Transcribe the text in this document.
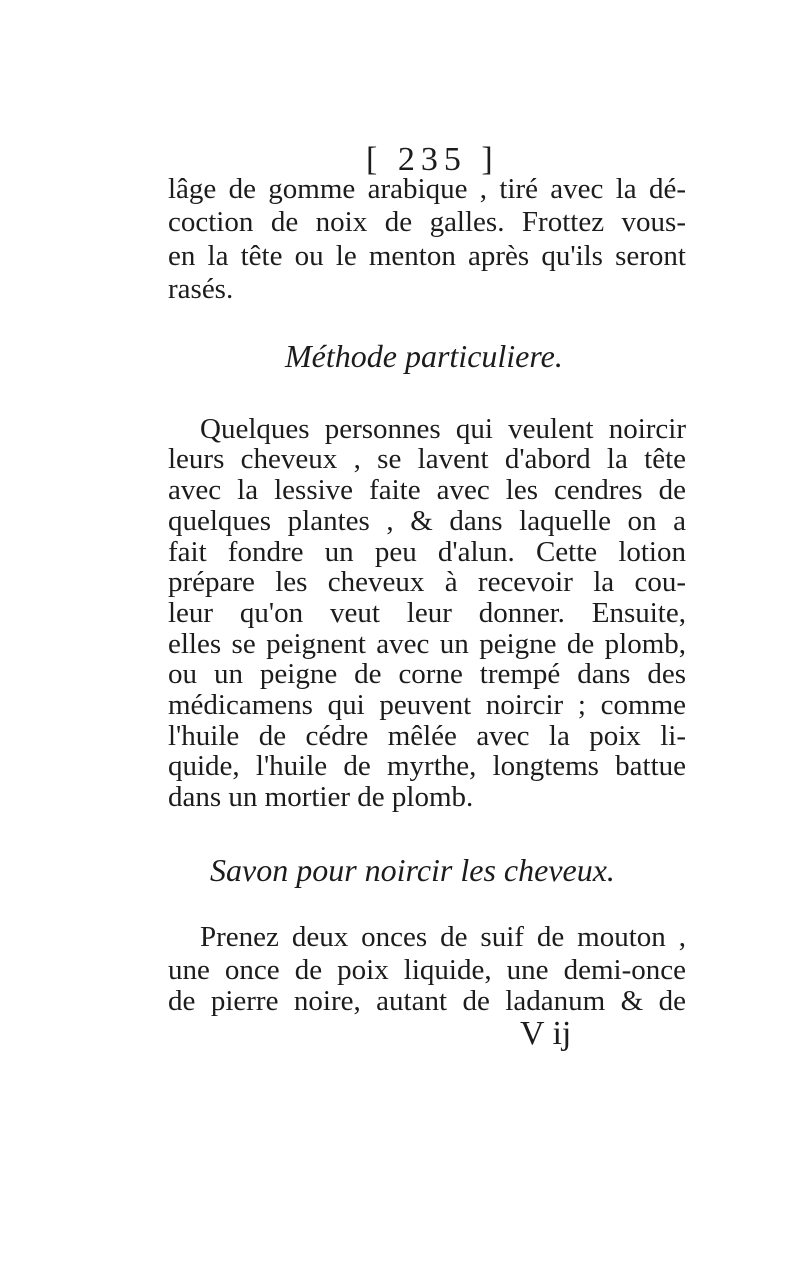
[ 235 ]
lâge de gomme arabique , tiré avec la dé-
coction de noix de galles. Frottez vous-
en la tête ou le menton après qu'ils seront
rasés.
Méthode particuliere.
Quelques personnes qui veulent noircir
leurs cheveux , se lavent d'abord la tête
avec la lessive faite avec les cendres de
quelques plantes , & dans laquelle on a
fait fondre un peu d'alun. Cette lotion
prépare les cheveux à recevoir la cou-
leur qu'on veut leur donner. Ensuite,
elles se peignent avec un peigne de plomb,
ou un peigne de corne trempé dans des
médicamens qui peuvent noircir ; comme
l'huile de cédre mêlée avec la poix li-
quide, l'huile de myrthe, longtems battue
dans un mortier de plomb.
Savon pour noircir les cheveux.
Prenez deux onces de suif de mouton ,
une once de poix liquide, une demi-once
de pierre noire, autant de ladanum & de
V ij
